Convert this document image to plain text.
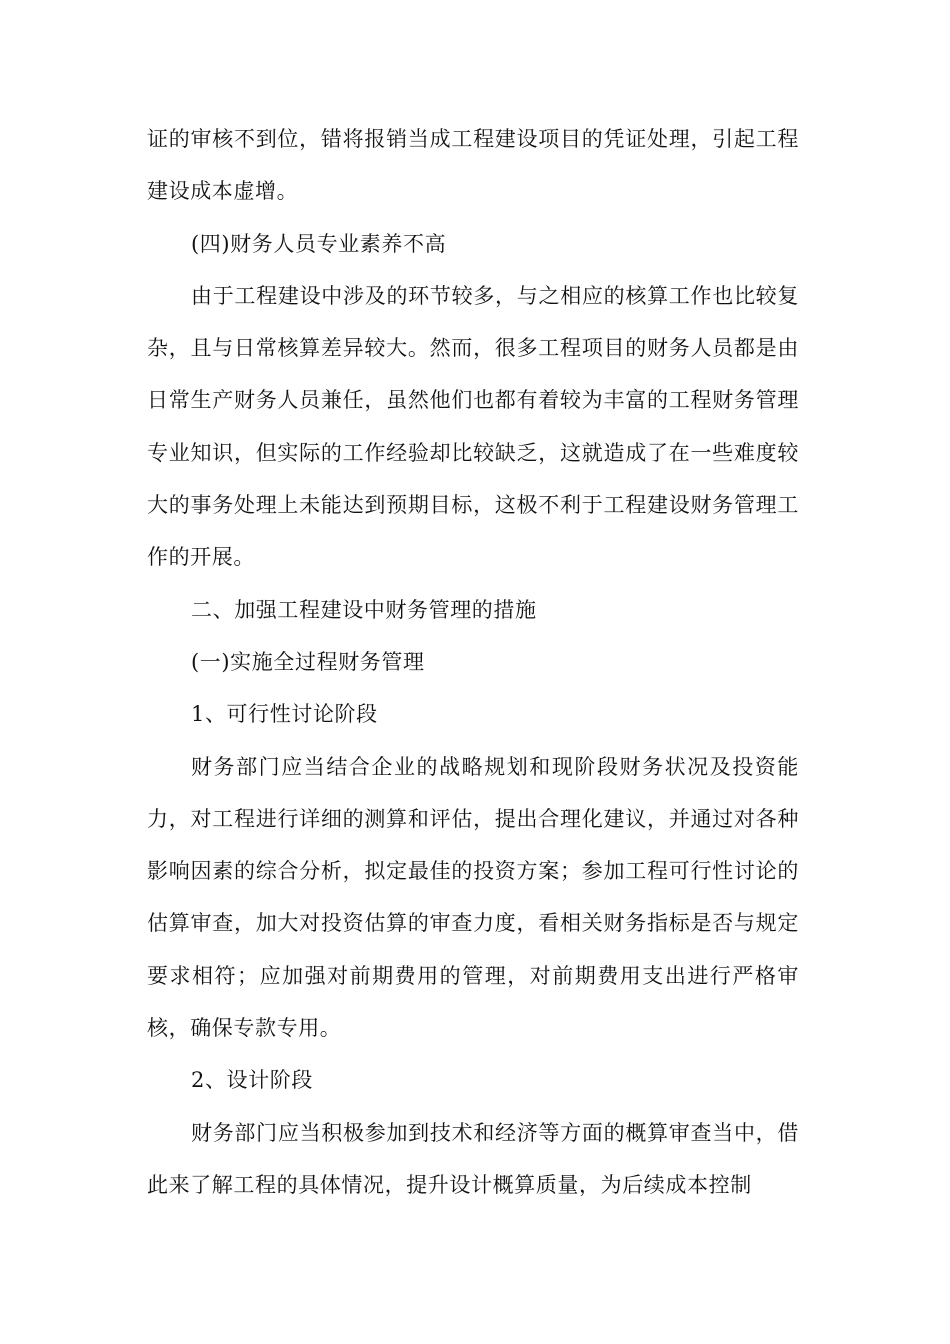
证的审核不到位，错将报销当成工程建设项目的凭证处理，引起工程建设成本虚增。

(四)财务人员专业素养不高

由于工程建设中涉及的环节较多，与之相应的核算工作也比较复杂，且与日常核算差异较大。然而，很多工程项目的财务人员都是由日常生产财务人员兼任，虽然他们也都有着较为丰富的工程财务管理专业知识，但实际的工作经验却比较缺乏，这就造成了在一些难度较大的事务处理上未能达到预期目标，这极不利于工程建设财务管理工作的开展。

二、加强工程建设中财务管理的措施

(一)实施全过程财务管理

1、可行性讨论阶段

财务部门应当结合企业的战略规划和现阶段财务状况及投资能力，对工程进行详细的测算和评估，提出合理化建议，并通过对各种影响因素的综合分析，拟定最佳的投资方案；参加工程可行性讨论的估算审查，加大对投资估算的审查力度，看相关财务指标是否与规定要求相符；应加强对前期费用的管理，对前期费用支出进行严格审核，确保专款专用。

2、设计阶段

财务部门应当积极参加到技术和经济等方面的概算审查当中，借此来了解工程的具体情况，提升设计概算质量，为后续成本控制
